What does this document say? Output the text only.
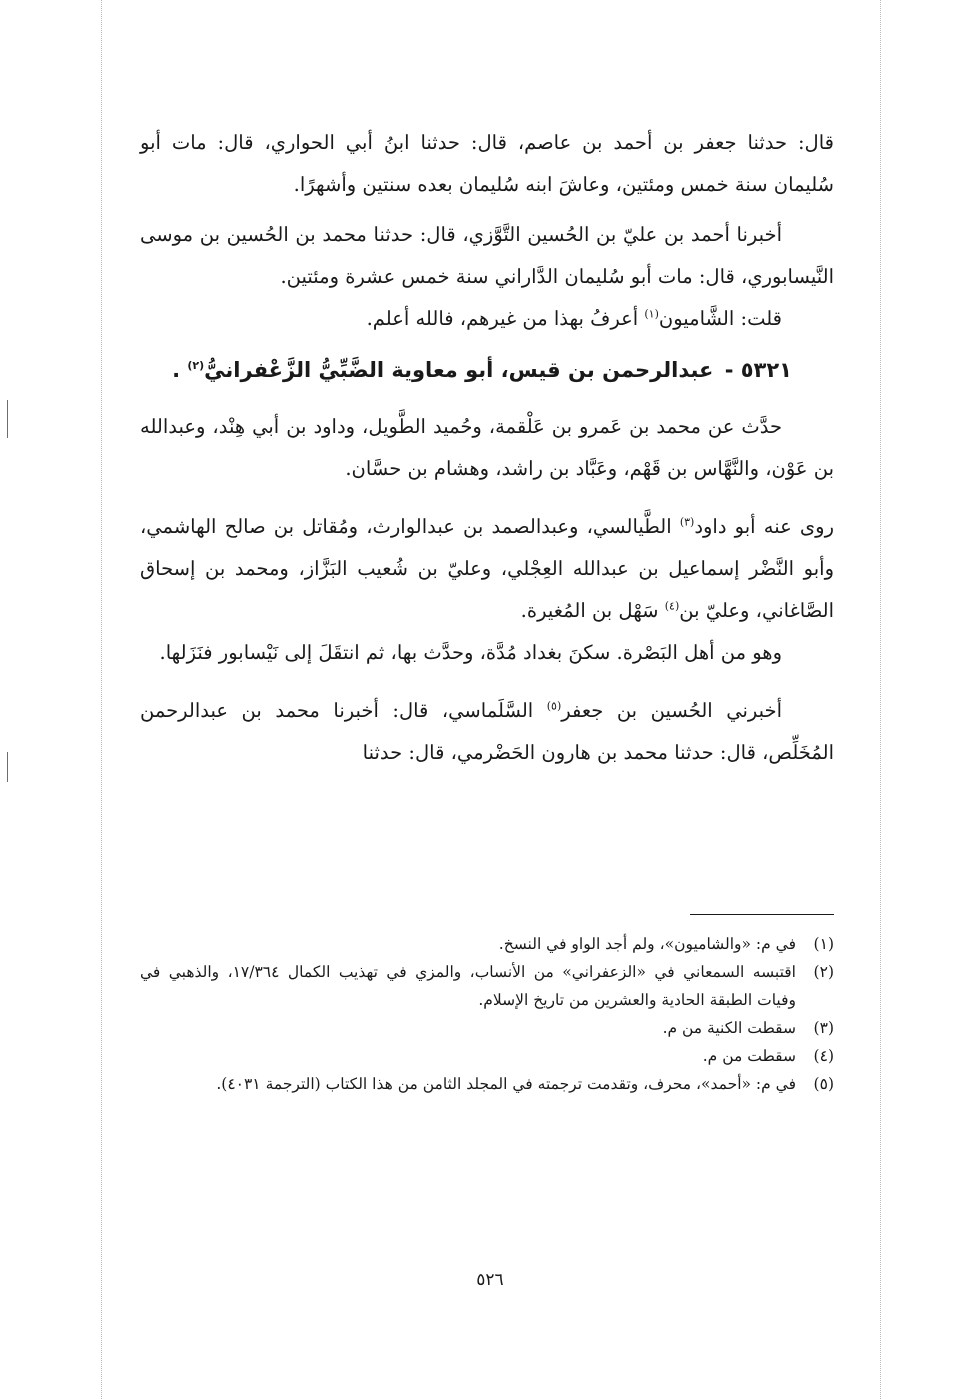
قال: حدثنا جعفر بن أحمد بن عاصم، قال: حدثنا ابنُ أبي الحواري، قال: مات أبو سُليمان سنة خمس ومئتين، وعاشَ ابنه سُليمان بعده سنتين وأشهرًا.

أخبرنا أحمد بن عليّ بن الحُسين التَّوَّزي، قال: حدثنا محمد بن الحُسين بن موسى النَّيسابوري، قال: مات أبو سُليمان الدَّاراني سنة خمس عشرة ومئتين.

قلت: الشَّاميون$^{(١)}$ أعرفُ بهذا من غيرهم، فالله أعلم.

٥٣٢١ - عبدالرحمن بن قيس، أبو معاوية الضَّبِّيُّ الزَّعْفرانيُّ$^{(٢)}$ .

حدَّث عن محمد بن عَمرو بن عَلْقمة، وحُميد الطَّويل، وداود بن أبي هِنْد، وعبدالله بن عَوْن، والنَّهَّاس بن قَهْم، وعَبَّاد بن راشد، وهشام بن حسَّان.

روى عنه أبو داود$^{(٣)}$ الطَّيالسي، وعبدالصمد بن عبدالوارث، ومُقاتل بن صالح الهاشمي، وأبو النَّضْر إسماعيل بن عبدالله العِجْلي، وعليّ بن شُعيب البَزَّاز، ومحمد بن إسحاق الصَّاغاني، وعليّ بن$^{(٤)}$ سَهْل بن المُغيرة.

وهو من أهل البَصْرة. سكنَ بغداد مُدَّة، وحدَّث بها، ثم انتقَلَ إلى نَيْسابور فنَزَلها.

أخبرني الحُسين بن جعفر$^{(٥)}$ السَّلَماسي، قال: أخبرنا محمد بن عبدالرحمن المُخَلِّص، قال: حدثنا محمد بن هارون الحَضْرمي، قال: حدثنا

(١)
في م: «والشاميون»، ولم أجد الواو في النسخ.
(٢)
اقتبسه السمعاني في «الزعفراني» من الأنساب، والمزي في تهذيب الكمال ١٧/٣٦٤، والذهبي في وفيات الطبقة الحادية والعشرين من تاريخ الإسلام.
(٣)
سقطت الكنية من م.
(٤)
سقطت من م.
(٥)
في م: «أحمد»، محرف، وتقدمت ترجمته في المجلد الثامن من هذا الكتاب (الترجمة ٤٠٣١).
٥٢٦
